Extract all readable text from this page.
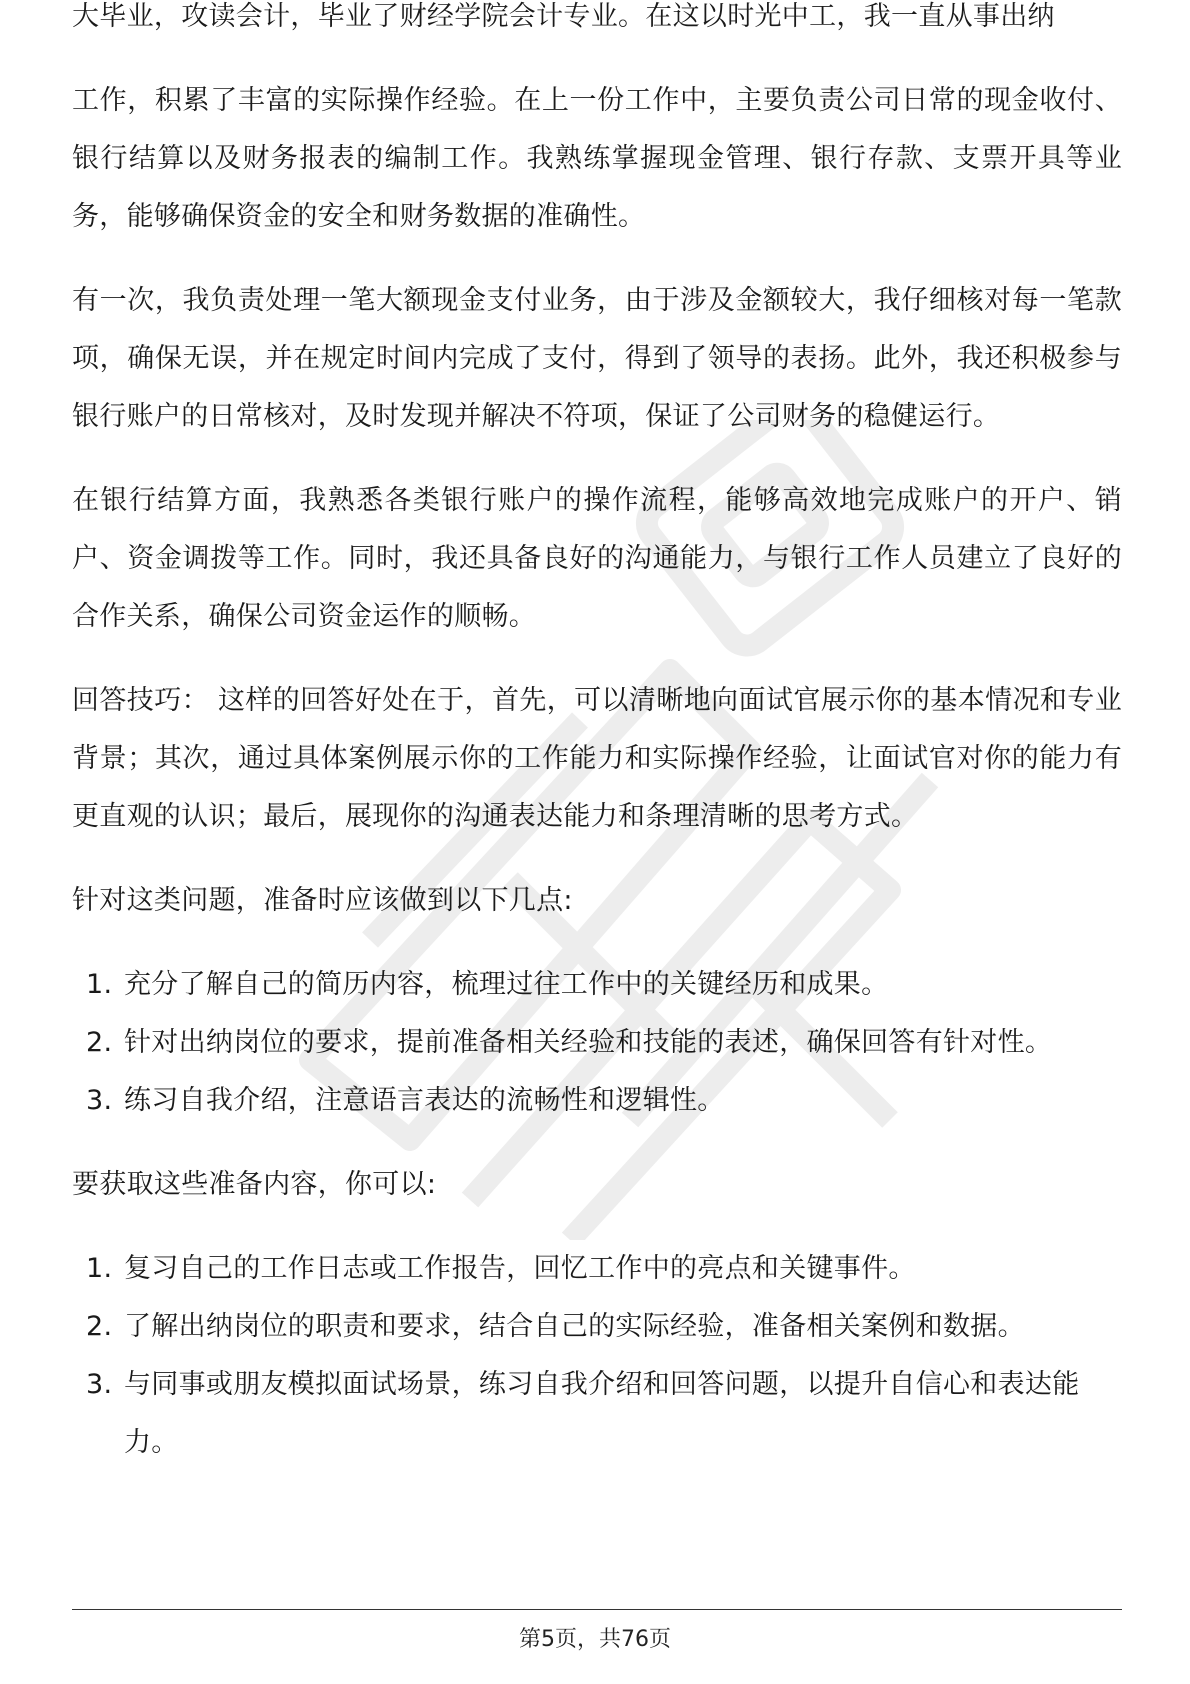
大毕业，攻读会计，毕业了财经学院会计专业。在这以时光中工，我一直从事出纳

工作，积累了丰富的实际操作经验。在上一份工作中，主要负责公司日常的现金收付、银行结算以及财务报表的编制工作。我熟练掌握现金管理、银行存款、支票开具等业务，能够确保资金的安全和财务数据的准确性。

有一次，我负责处理一笔大额现金支付业务，由于涉及金额较大，我仔细核对每一笔款项，确保无误，并在规定时间内完成了支付，得到了领导的表扬。此外，我还积极参与银行账户的日常核对，及时发现并解决不符项，保证了公司财务的稳健运行。

在银行结算方面，我熟悉各类银行账户的操作流程，能够高效地完成账户的开户、销户、资金调拨等工作。同时，我还具备良好的沟通能力，与银行工作人员建立了良好的合作关系，确保公司资金运作的顺畅。

回答技巧： 这样的回答好处在于，首先，可以清晰地向面试官展示你的基本情况和专业背景；其次，通过具体案例展示你的工作能力和实际操作经验，让面试官对你的能力有更直观的认识；最后，展现你的沟通表达能力和条理清晰的思考方式。

针对这类问题，准备时应该做到以下几点:

1. 充分了解自己的简历内容，梳理过往工作中的关键经历和成果。
2. 针对出纳岗位的要求，提前准备相关经验和技能的表述，确保回答有针对性。
3. 练习自我介绍，注意语言表达的流畅性和逻辑性。

要获取这些准备内容，你可以:

1. 复习自己的工作日志或工作报告，回忆工作中的亮点和关键事件。
2. 了解出纳岗位的职责和要求，结合自己的实际经验，准备相关案例和数据。
3. 与同事或朋友模拟面试场景，练习自我介绍和回答问题，以提升自信心和表达能力。
第5页，共76页
